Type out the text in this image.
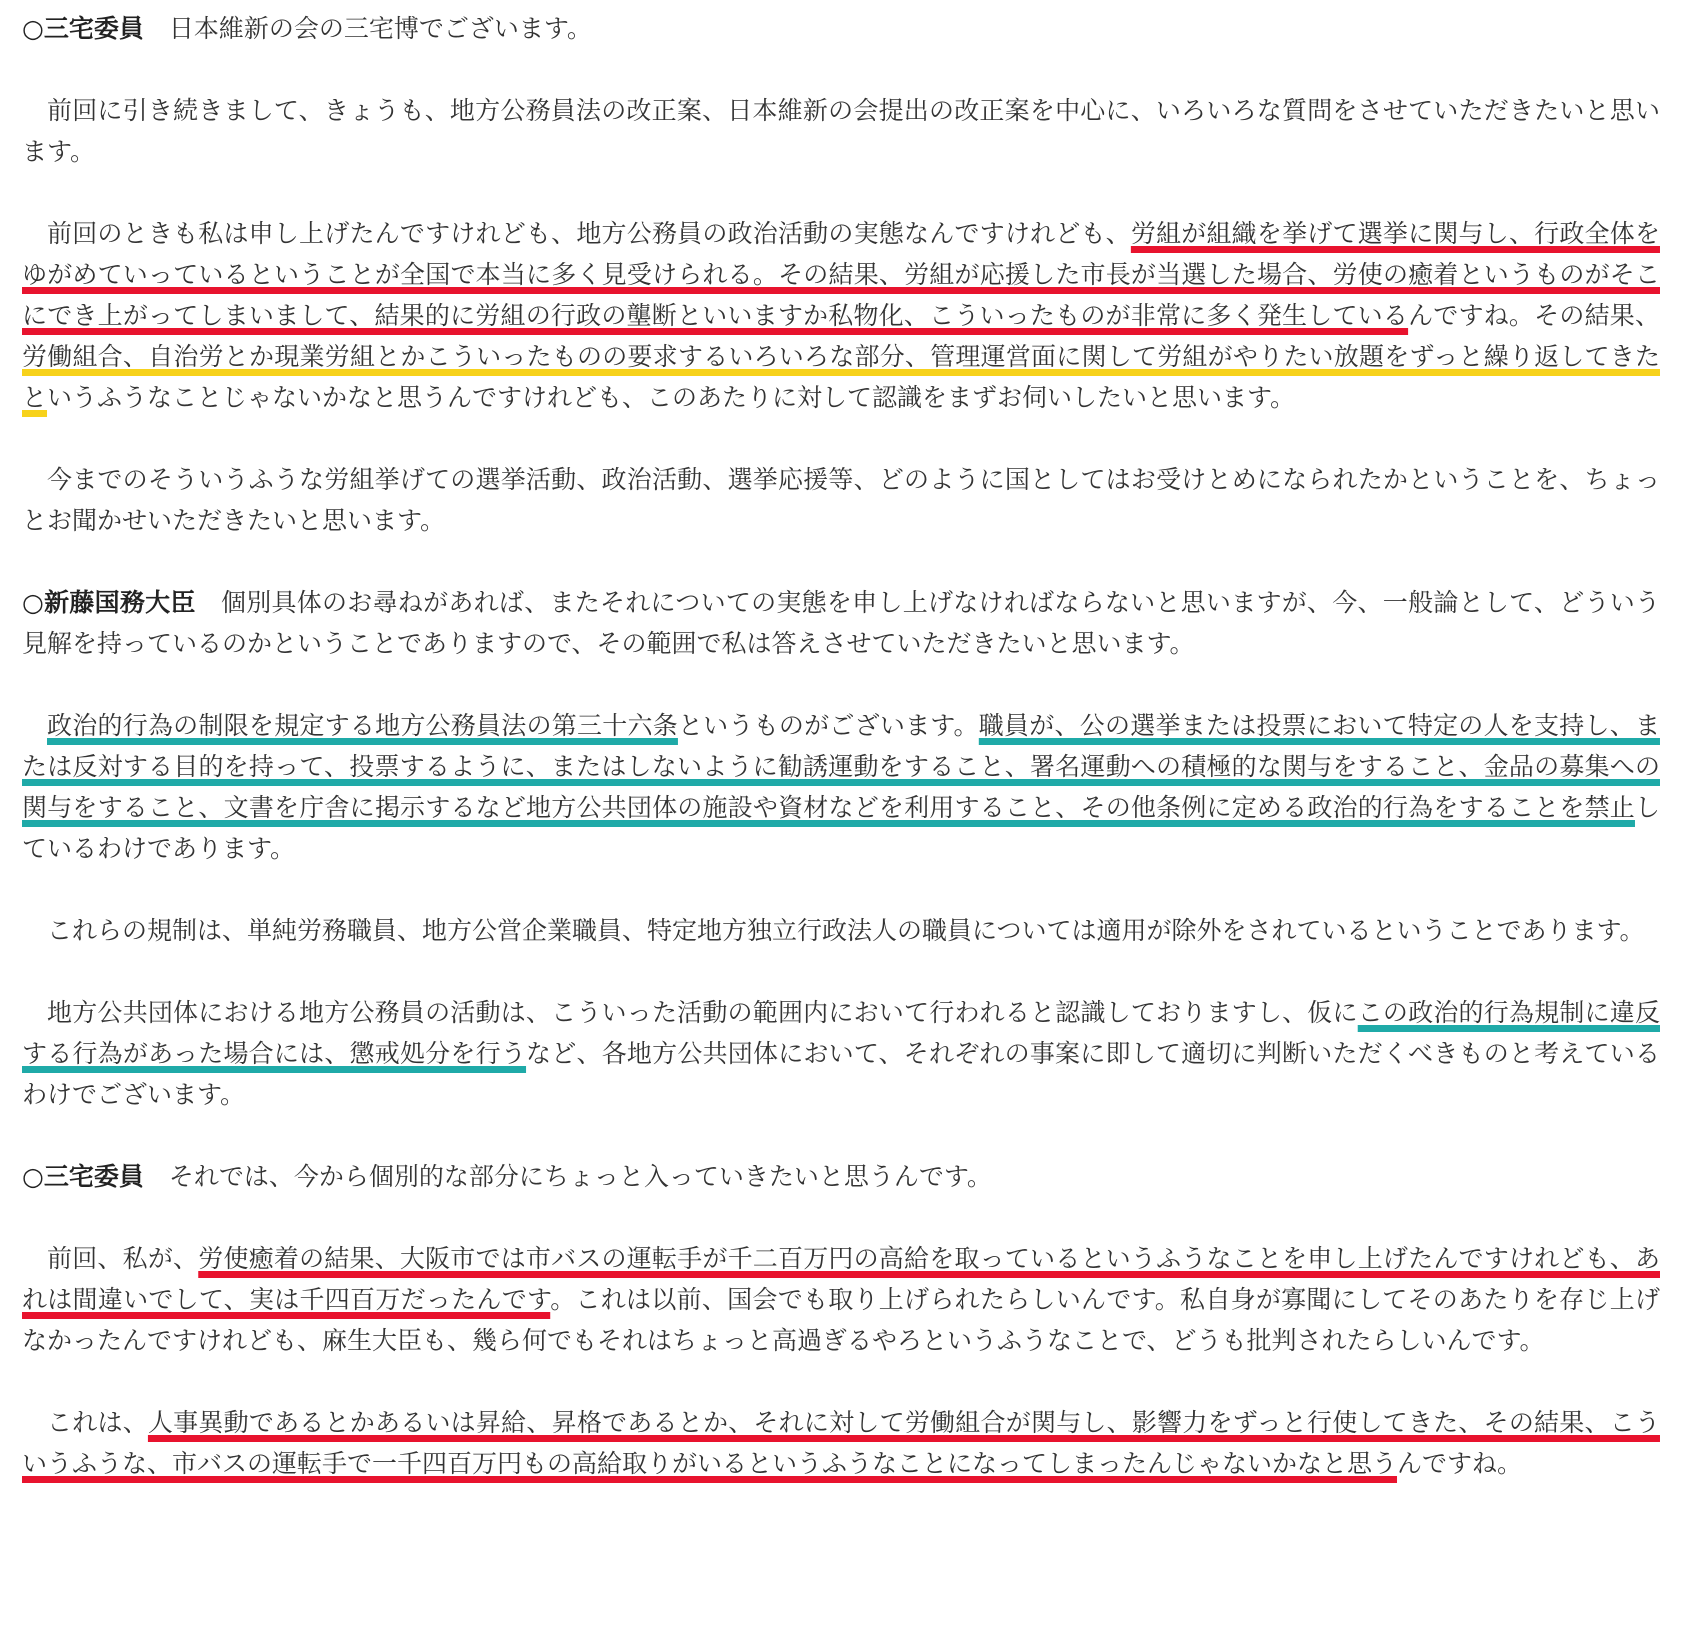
○三宅委員 日本維新の会の三宅博でございます。

前回に引き続きまして、きょうも、地方公務員法の改正案、日本維新の会提出の改正案を中心に、いろいろな質問をさせていただきたいと思います。

前回のときも私は申し上げたんですけれども、地方公務員の政治活動の実態なんですけれども、労組が組織を挙げて選挙に関与し、行政全体をゆがめていっているということが全国で本当に多く見受けられる。その結果、労組が応援した市長が当選した場合、労使の癒着というものがそこにでき上がってしまいまして、結果的に労組の行政の壟断といいますか私物化、こういったものが非常に多く発生しているんですね。その結果、労働組合、自治労とか現業労組とかこういったものの要求するいろいろな部分、管理運営面に関して労組がやりたい放題をずっと繰り返してきたというふうなことじゃないかなと思うんですけれども、このあたりに対して認識をまずお伺いしたいと思います。

今までのそういうふうな労組挙げての選挙活動、政治活動、選挙応援等、どのように国としてはお受けとめになられたかということを、ちょっとお聞かせいただきたいと思います。

○新藤国務大臣 個別具体のお尋ねがあれば、またそれについての実態を申し上げなければならないと思いますが、今、一般論として、どういう見解を持っているのかということでありますので、その範囲で私は答えさせていただきたいと思います。

政治的行為の制限を規定する地方公務員法の第三十六条というものがございます。職員が、公の選挙または投票において特定の人を支持し、または反対する目的を持って、投票するように、またはしないように勧誘運動をすること、署名運動への積極的な関与をすること、金品の募集への関与をすること、文書を庁舎に掲示するなど地方公共団体の施設や資材などを利用すること、その他条例に定める政治的行為をすることを禁止しているわけであります。

これらの規制は、単純労務職員、地方公営企業職員、特定地方独立行政法人の職員については適用が除外をされているということであります。

地方公共団体における地方公務員の活動は、こういった活動の範囲内において行われると認識しておりますし、仮にこの政治的行為規制に違反する行為があった場合には、懲戒処分を行うなど、各地方公共団体において、それぞれの事案に即して適切に判断いただくべきものと考えているわけでございます。

○三宅委員 それでは、今から個別的な部分にちょっと入っていきたいと思うんです。

前回、私が、労使癒着の結果、大阪市では市バスの運転手が千二百万円の高給を取っているというふうなことを申し上げたんですけれども、あれは間違いでして、実は千四百万だったんです。これは以前、国会でも取り上げられたらしいんです。私自身が寡聞にしてそのあたりを存じ上げなかったんですけれども、麻生大臣も、幾ら何でもそれはちょっと高過ぎるやろというふうなことで、どうも批判されたらしいんです。

これは、人事異動であるとかあるいは昇給、昇格であるとか、それに対して労働組合が関与し、影響力をずっと行使してきた、その結果、こういうふうな、市バスの運転手で一千四百万円もの高給取りがいるというふうなことになってしまったんじゃないかなと思うんですね。
